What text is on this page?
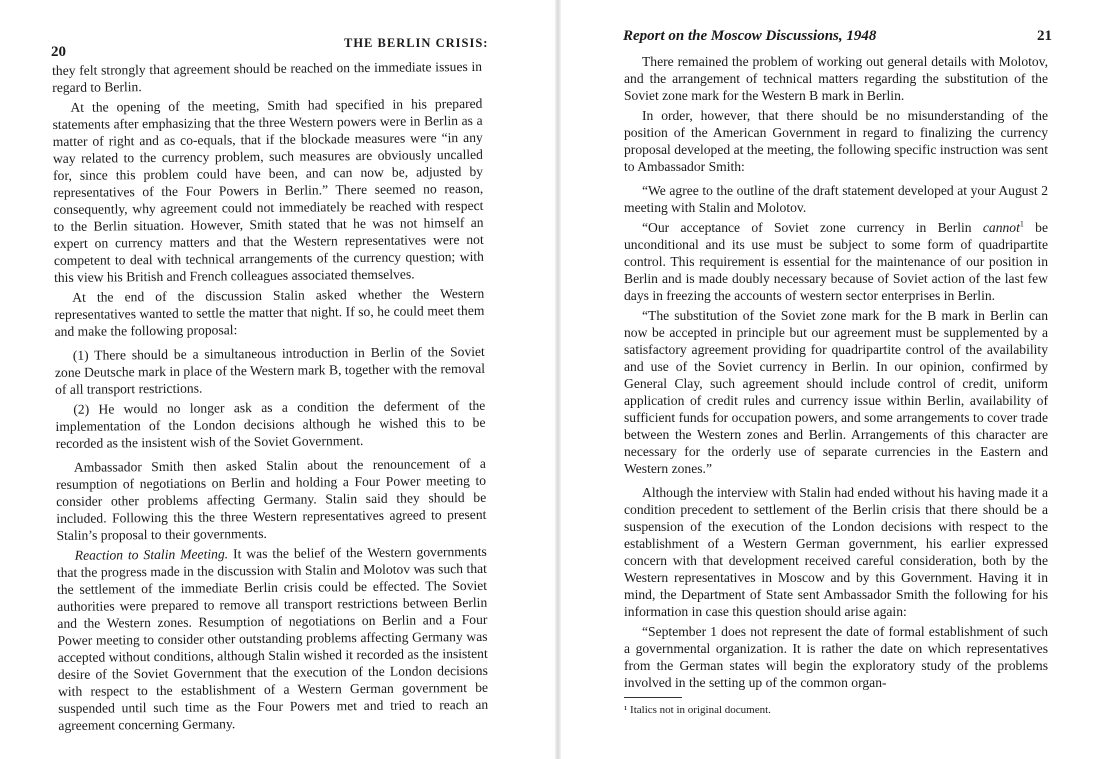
20
THE BERLIN CRISIS:

they felt strongly that agreement should be reached on the immediate issues in regard to Berlin.

At the opening of the meeting, Smith had specified in his prepared statements after emphasizing that the three Western powers were in Berlin as a matter of right and as co-equals, that if the blockade measures were “in any way related to the currency problem, such measures are obviously uncalled for, since this problem could have been, and can now be, adjusted by representatives of the Four Powers in Berlin.” There seemed no reason, consequently, why agreement could not immediately be reached with respect to the Berlin situation. However, Smith stated that he was not himself an expert on currency matters and that the Western representatives were not competent to deal with technical arrangements of the currency question; with this view his British and French colleagues associated themselves.

At the end of the discussion Stalin asked whether the Western representatives wanted to settle the matter that night. If so, he could meet them and make the following proposal:

(1) There should be a simultaneous introduction in Berlin of the Soviet zone Deutsche mark in place of the Western mark B, together with the removal of all transport restrictions.

(2) He would no longer ask as a condition the deferment of the implementation of the London decisions although he wished this to be recorded as the insistent wish of the Soviet Government.

Ambassador Smith then asked Stalin about the renouncement of a resumption of negotiations on Berlin and holding a Four Power meeting to consider other problems affecting Germany. Stalin said they should be included. Following this the three Western representatives agreed to present Stalin’s proposal to their governments.

Reaction to Stalin Meeting. It was the belief of the Western governments that the progress made in the discussion with Stalin and Molotov was such that the settlement of the immediate Berlin crisis could be effected. The Soviet authorities were prepared to remove all transport restrictions between Berlin and the Western zones. Resumption of negotiations on Berlin and a Four Power meeting to consider other outstanding problems affecting Germany was accepted without conditions, although Stalin wished it recorded as the insistent desire of the Soviet Government that the execution of the London decisions with respect to the establishment of a Western German government be suspended until such time as the Four Powers met and tried to reach an agreement concerning Germany.

Report on the Moscow Discussions, 1948	21

There remained the problem of working out general details with Molotov, and the arrangement of technical matters regarding the substitution of the Soviet zone mark for the Western B mark in Berlin.

In order, however, that there should be no misunderstanding of the position of the American Government in regard to finalizing the currency proposal developed at the meeting, the following specific instruction was sent to Ambassador Smith:

“We agree to the outline of the draft statement developed at your August 2 meeting with Stalin and Molotov.

“Our acceptance of Soviet zone currency in Berlin cannot$^1$ be unconditional and its use must be subject to some form of quadripartite control. This requirement is essential for the maintenance of our position in Berlin and is made doubly necessary because of Soviet action of the last few days in freezing the accounts of western sector enterprises in Berlin.

“The substitution of the Soviet zone mark for the B mark in Berlin can now be accepted in principle but our agreement must be supplemented by a satisfactory agreement providing for quadripartite control of the availability and use of the Soviet currency in Berlin. In our opinion, confirmed by General Clay, such agreement should include control of credit, uniform application of credit rules and currency issue within Berlin, availability of sufficient funds for occupation powers, and some arrangements to cover trade between the Western zones and Berlin. Arrangements of this character are necessary for the orderly use of separate currencies in the Eastern and Western zones.”

Although the interview with Stalin had ended without his having made it a condition precedent to settlement of the Berlin crisis that there should be a suspension of the execution of the London decisions with respect to the establishment of a Western German government, his earlier expressed concern with that development received careful consideration, both by the Western representatives in Moscow and by this Government. Having it in mind, the Department of State sent Ambassador Smith the following for his information in case this question should arise again:

“September 1 does not represent the date of formal establishment of such a governmental organization. It is rather the date on which representatives from the German states will begin the exploratory study of the problems involved in the setting up of the common organ-

¹ Italics not in original document.
